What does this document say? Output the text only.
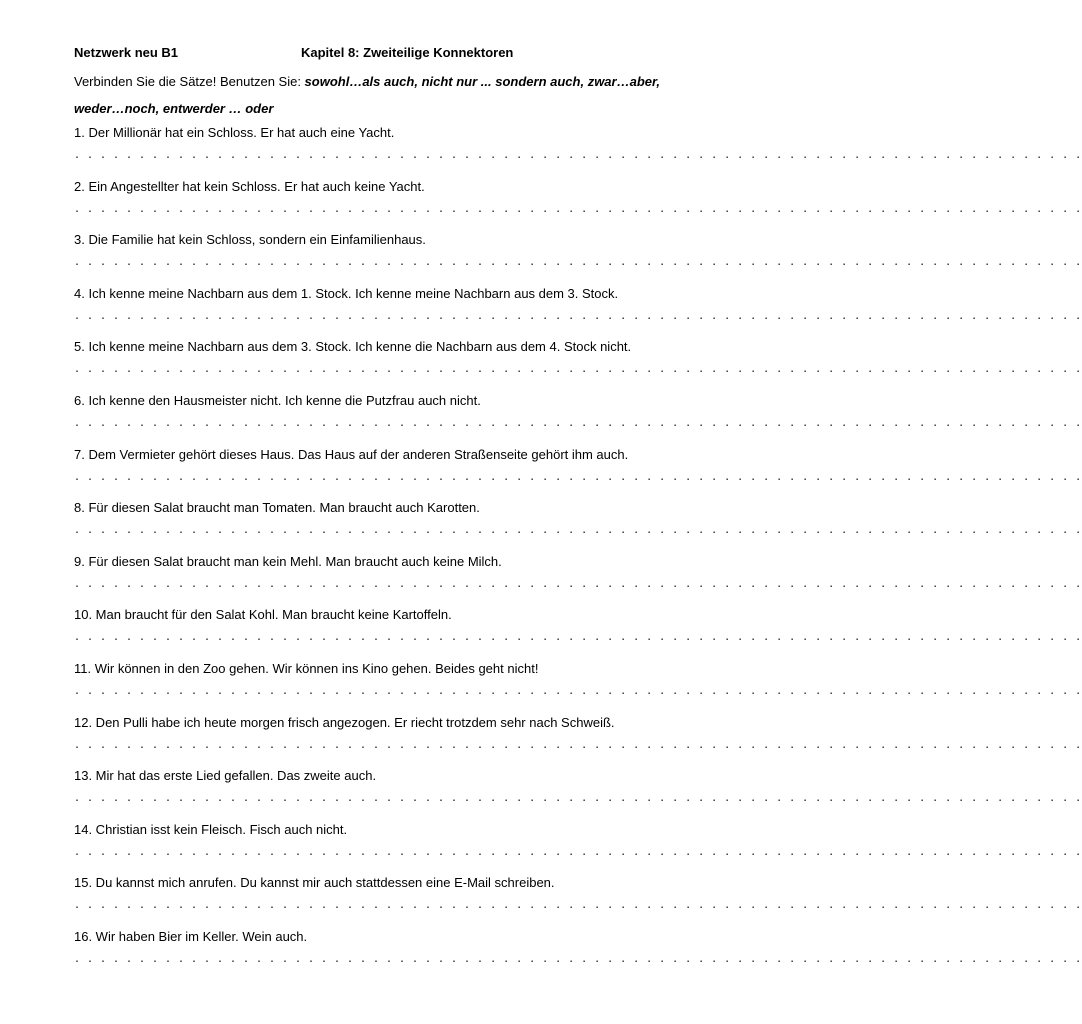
Netzwerk neu B1	Kapitel 8: Zweiteilige Konnektoren
Verbinden Sie die Sätze! Benutzen Sie: sowohl…als auch, nicht nur ... sondern auch, zwar…aber,
weder…noch, entwerder … oder
1. Der Millionär hat ein Schloss. Er hat auch eine Yacht.
. . . . . . . . . . . . . . . . . . . . . . . . . . . . . . . . . . . . . . . . . . . . . . . . . . . . . . . . . . . . . . . . . . . . . . . . . . . . . .
2. Ein Angestellter hat kein Schloss. Er hat auch keine Yacht.
. . . . . . . . . . . . . . . . . . . . . . . . . . . . . . . . . . . . . . . . . . . . . . . . . . . . . . . . . . . . . . . . . . . . . . . . . . . . . .
3. Die Familie hat kein Schloss, sondern ein Einfamilienhaus.
. . . . . . . . . . . . . . . . . . . . . . . . . . . . . . . . . . . . . . . . . . . . . . . . . . . . . . . . . . . . . . . . . . . . . . . . . . . . . .
4. Ich kenne meine Nachbarn aus dem 1. Stock. Ich kenne meine Nachbarn aus dem 3. Stock.
. . . . . . . . . . . . . . . . . . . . . . . . . . . . . . . . . . . . . . . . . . . . . . . . . . . . . . . . . . . . . . . . . . . . . . . . . . . . . .
5. Ich kenne meine Nachbarn aus dem 3. Stock. Ich kenne die Nachbarn aus dem 4. Stock nicht.
. . . . . . . . . . . . . . . . . . . . . . . . . . . . . . . . . . . . . . . . . . . . . . . . . . . . . . . . . . . . . . . . . . . . . . . . . . . . . .
6. Ich kenne den Hausmeister nicht. Ich kenne die Putzfrau auch nicht.
. . . . . . . . . . . . . . . . . . . . . . . . . . . . . . . . . . . . . . . . . . . . . . . . . . . . . . . . . . . . . . . . . . . . . . . . . . . . . .
7. Dem Vermieter gehört dieses Haus. Das Haus auf der anderen Straßenseite gehört ihm auch.
. . . . . . . . . . . . . . . . . . . . . . . . . . . . . . . . . . . . . . . . . . . . . . . . . . . . . . . . . . . . . . . . . . . . . . . . . . . . . .
8. Für diesen Salat braucht man Tomaten. Man braucht auch Karotten.
. . . . . . . . . . . . . . . . . . . . . . . . . . . . . . . . . . . . . . . . . . . . . . . . . . . . . . . . . . . . . . . . . . . . . . . . . . . . . .
9. Für diesen Salat braucht man kein Mehl. Man braucht auch keine Milch.
. . . . . . . . . . . . . . . . . . . . . . . . . . . . . . . . . . . . . . . . . . . . . . . . . . . . . . . . . . . . . . . . . . . . . . . . . . . . . .
10. Man braucht für den Salat Kohl. Man braucht keine Kartoffeln.
. . . . . . . . . . . . . . . . . . . . . . . . . . . . . . . . . . . . . . . . . . . . . . . . . . . . . . . . . . . . . . . . . . . . . . . . . . . . . .
11. Wir können in den Zoo gehen. Wir können ins Kino gehen. Beides geht nicht!
. . . . . . . . . . . . . . . . . . . . . . . . . . . . . . . . . . . . . . . . . . . . . . . . . . . . . . . . . . . . . . . . . . . . . . . . . . . . . .
12. Den Pulli habe ich heute morgen frisch angezogen. Er riecht trotzdem sehr nach Schweiß.
. . . . . . . . . . . . . . . . . . . . . . . . . . . . . . . . . . . . . . . . . . . . . . . . . . . . . . . . . . . . . . . . . . . . . . . . . . . . . .
13. Mir hat das erste Lied gefallen. Das zweite auch.
. . . . . . . . . . . . . . . . . . . . . . . . . . . . . . . . . . . . . . . . . . . . . . . . . . . . . . . . . . . . . . . . . . . . . . . . . . . . . .
14. Christian isst kein Fleisch. Fisch auch nicht.
. . . . . . . . . . . . . . . . . . . . . . . . . . . . . . . . . . . . . . . . . . . . . . . . . . . . . . . . . . . . . . . . . . . . . . . . . . . . . .
15. Du kannst mich anrufen. Du kannst mir auch stattdessen eine E-Mail schreiben.
. . . . . . . . . . . . . . . . . . . . . . . . . . . . . . . . . . . . . . . . . . . . . . . . . . . . . . . . . . . . . . . . . . . . . . . . . . . . . .
16. Wir haben Bier im Keller. Wein auch.
. . . . . . . . . . . . . . . . . . . . . . . . . . . . . . . . . . . . . . . . . . . . . . . . . . . . . . . . . . . . . . . . . . . . . . . . . . . . . .
